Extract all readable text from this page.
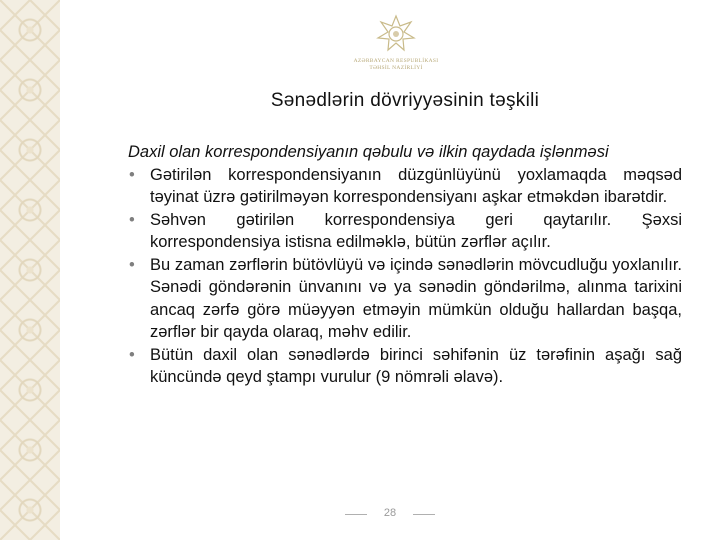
AZƏRBAYCAN RESPUBLİKASI
TƏHSİL NAZİRLİYİ
Sənədlərin dövriyyəsinin təşkili
Daxil olan korrespondensiyanın qəbulu və ilkin qaydada işlənməsi
• Gətirilən korrespondensiyanın düzgünlüyünü yoxlamaqda məqsəd təyinat üzrə gətirilməyən korrespondensiyanı aşkar etməkdən ibarətdir.
• Səhvən gətirilən korrespondensiya geri qaytarılır. Şəxsi korrespondensiya istisna edilməklə, bütün zərflər açılır.
• Bu zaman zərflərin bütövlüyü və içində sənədlərin mövcudluğu yoxlanılır. Sənədi göndərənin ünvanını və ya sənədin göndərilmə, alınma tarixini ancaq zərfə görə müəyyən etməyin mümkün olduğu hallardan başqa, zərflər bir qayda olaraq, məhv edilir.
• Bütün daxil olan sənədlərdə birinci səhifənin üz tərəfinin aşağı sağ küncündə qeyd ştampı vurulur (9 nömrəli əlavə).
28
